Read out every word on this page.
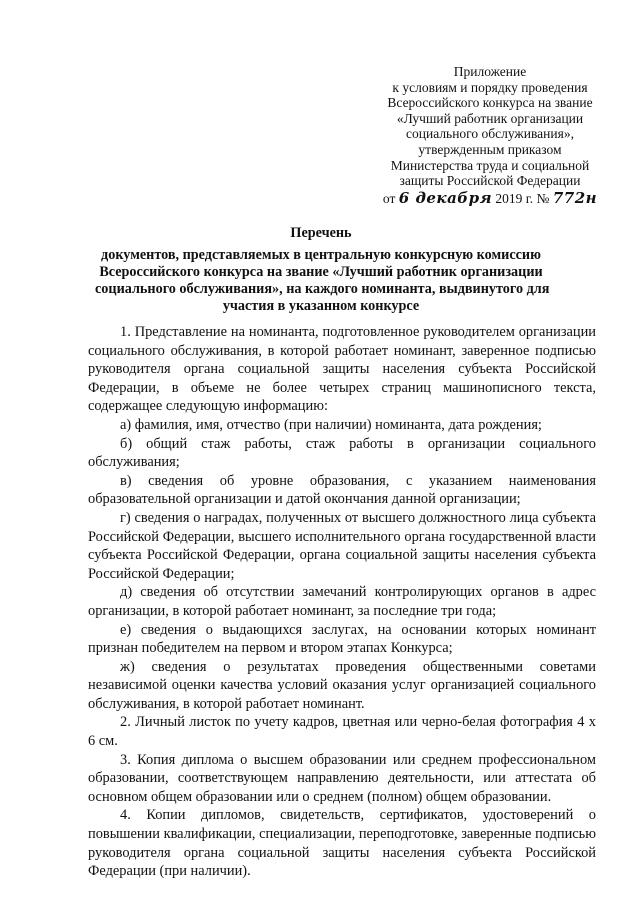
Приложение
к условиям и порядку проведения
Всероссийского конкурса на звание
«Лучший работник организации
социального обслуживания»,
утвержденным приказом
Министерства труда и социальной
защиты Российской Федерации
от 6 декабря 2019 г. № 772н
Перечень
документов, представляемых в центральную конкурсную комиссию
Всероссийского конкурса на звание «Лучший работник организации
социального обслуживания», на каждого номинанта, выдвинутого для
участия в указанном конкурсе

1. Представление на номинанта, подготовленное руководителем организации социального обслуживания, в которой работает номинант, заверенное подписью руководителя органа социальной защиты населения субъекта Российской Федерации, в объеме не более четырех страниц машинописного текста, содержащее следующую информацию:

а) фамилия, имя, отчество (при наличии) номинанта, дата рождения;

б) общий стаж работы, стаж работы в организации социального обслуживания;

в) сведения об уровне образования, с указанием наименования образовательной организации и датой окончания данной организации;

г) сведения о наградах, полученных от высшего должностного лица субъекта Российской Федерации, высшего исполнительного органа государственной власти субъекта Российской Федерации, органа социальной защиты населения субъекта Российской Федерации;

д) сведения об отсутствии замечаний контролирующих органов в адрес организации, в которой работает номинант, за последние три года;

е) сведения о выдающихся заслугах, на основании которых номинант признан победителем на первом и втором этапах Конкурса;

ж) сведения о результатах проведения общественными советами независимой оценки качества условий оказания услуг организацией социального обслуживания, в которой работает номинант.

2. Личный листок по учету кадров, цветная или черно-белая фотография 4 х 6 см.

3. Копия диплома о высшем образовании или среднем профессиональном образовании, соответствующем направлению деятельности, или аттестата об основном общем образовании или о среднем (полном) общем образовании.

4. Копии дипломов, свидетельств, сертификатов, удостоверений о повышении квалификации, специализации, переподготовке, заверенные подписью руководителя органа социальной защиты населения субъекта Российской Федерации (при наличии).
